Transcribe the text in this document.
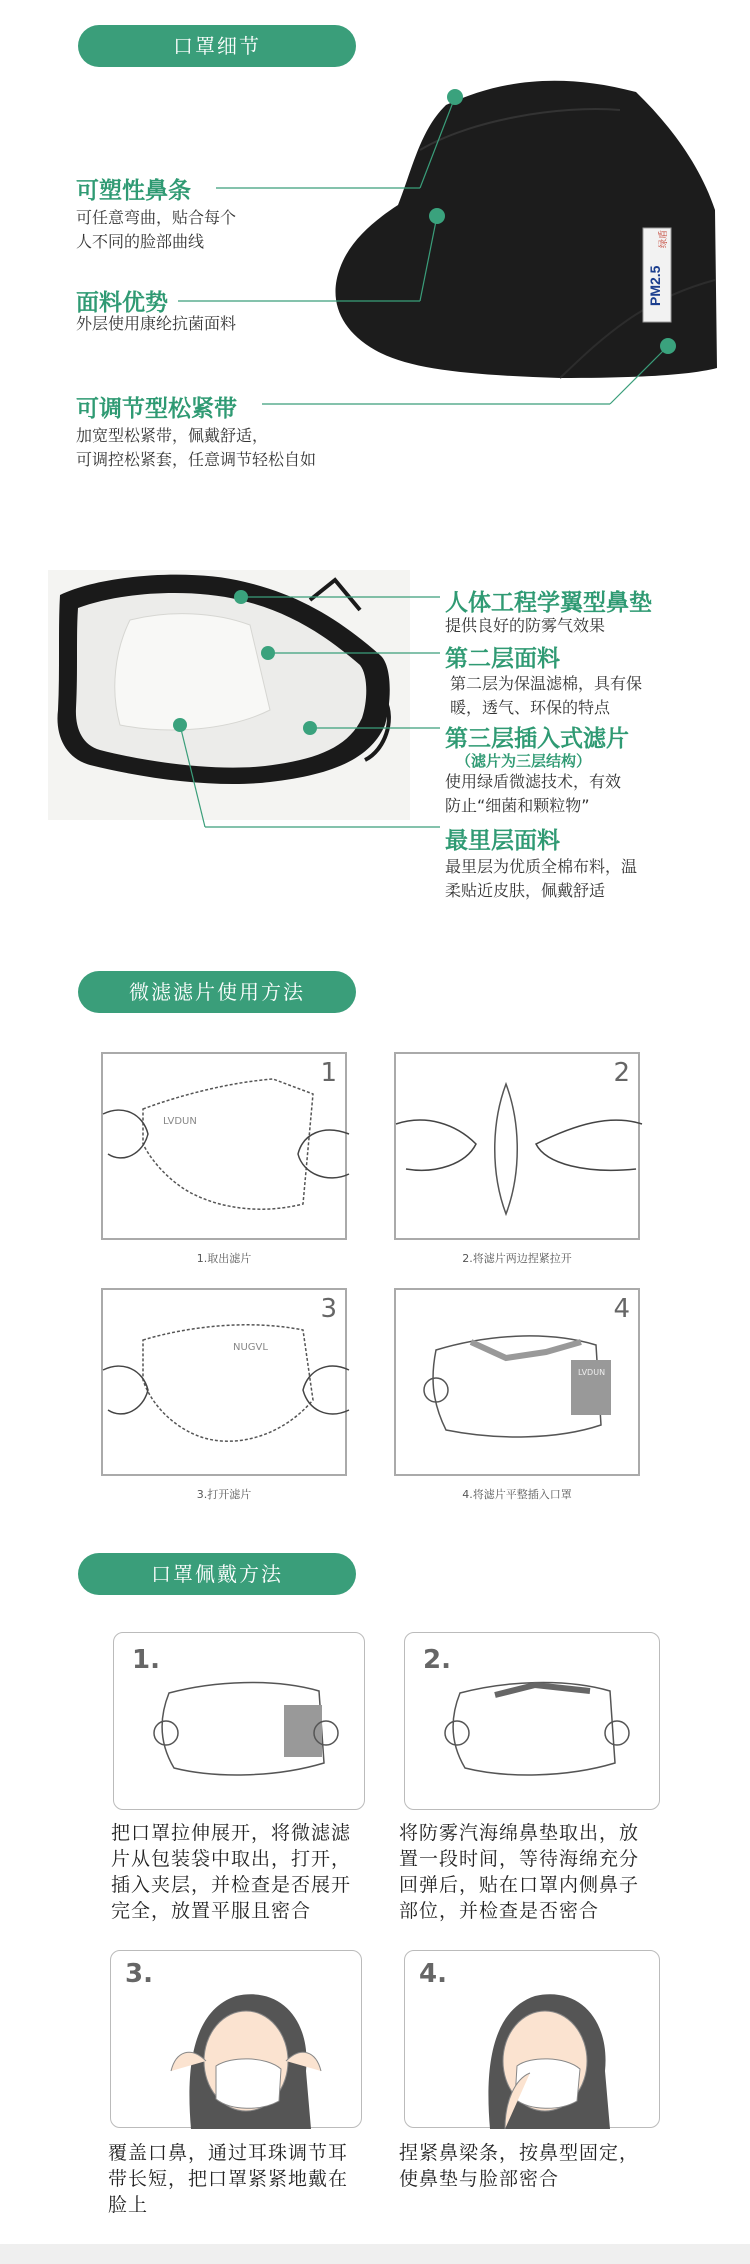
口罩细节
PM2.5
绿盾
可塑性鼻条
可任意弯曲，贴合每个
人不同的脸部曲线
面料优势
外层使用康纶抗菌面料
可调节型松紧带
加宽型松紧带，佩戴舒适，
可调控松紧套，任意调节轻松自如
人体工程学翼型鼻垫
提供良好的防雾气效果
第二层面料
第二层为保温滤棉，具有保
暖，透气、环保的特点
第三层插入式滤片
（滤片为三层结构）
使用绿盾微滤技术，有效
防止“细菌和颗粒物”
最里层面料
最里层为优质全棉布料，温
柔贴近皮肤，佩戴舒适
微滤滤片使用方法
1
LVDUN
1.取出滤片
2
2.将滤片两边捏紧拉开
3
NUGVL
3.打开滤片
4
LVDUN
4.将滤片平整插入口罩
口罩佩戴方法
1.
把口罩拉伸展开，将微滤滤
片从包装袋中取出，打开，
插入夹层，并检查是否展开
完全，放置平服且密合
2.
将防雾汽海绵鼻垫取出，放
置一段时间，等待海绵充分
回弹后，贴在口罩内侧鼻子
部位，并检查是否密合
3.
覆盖口鼻，通过耳珠调节耳
带长短，把口罩紧紧地戴在
脸上
4.
捏紧鼻梁条，按鼻型固定，
使鼻垫与脸部密合
